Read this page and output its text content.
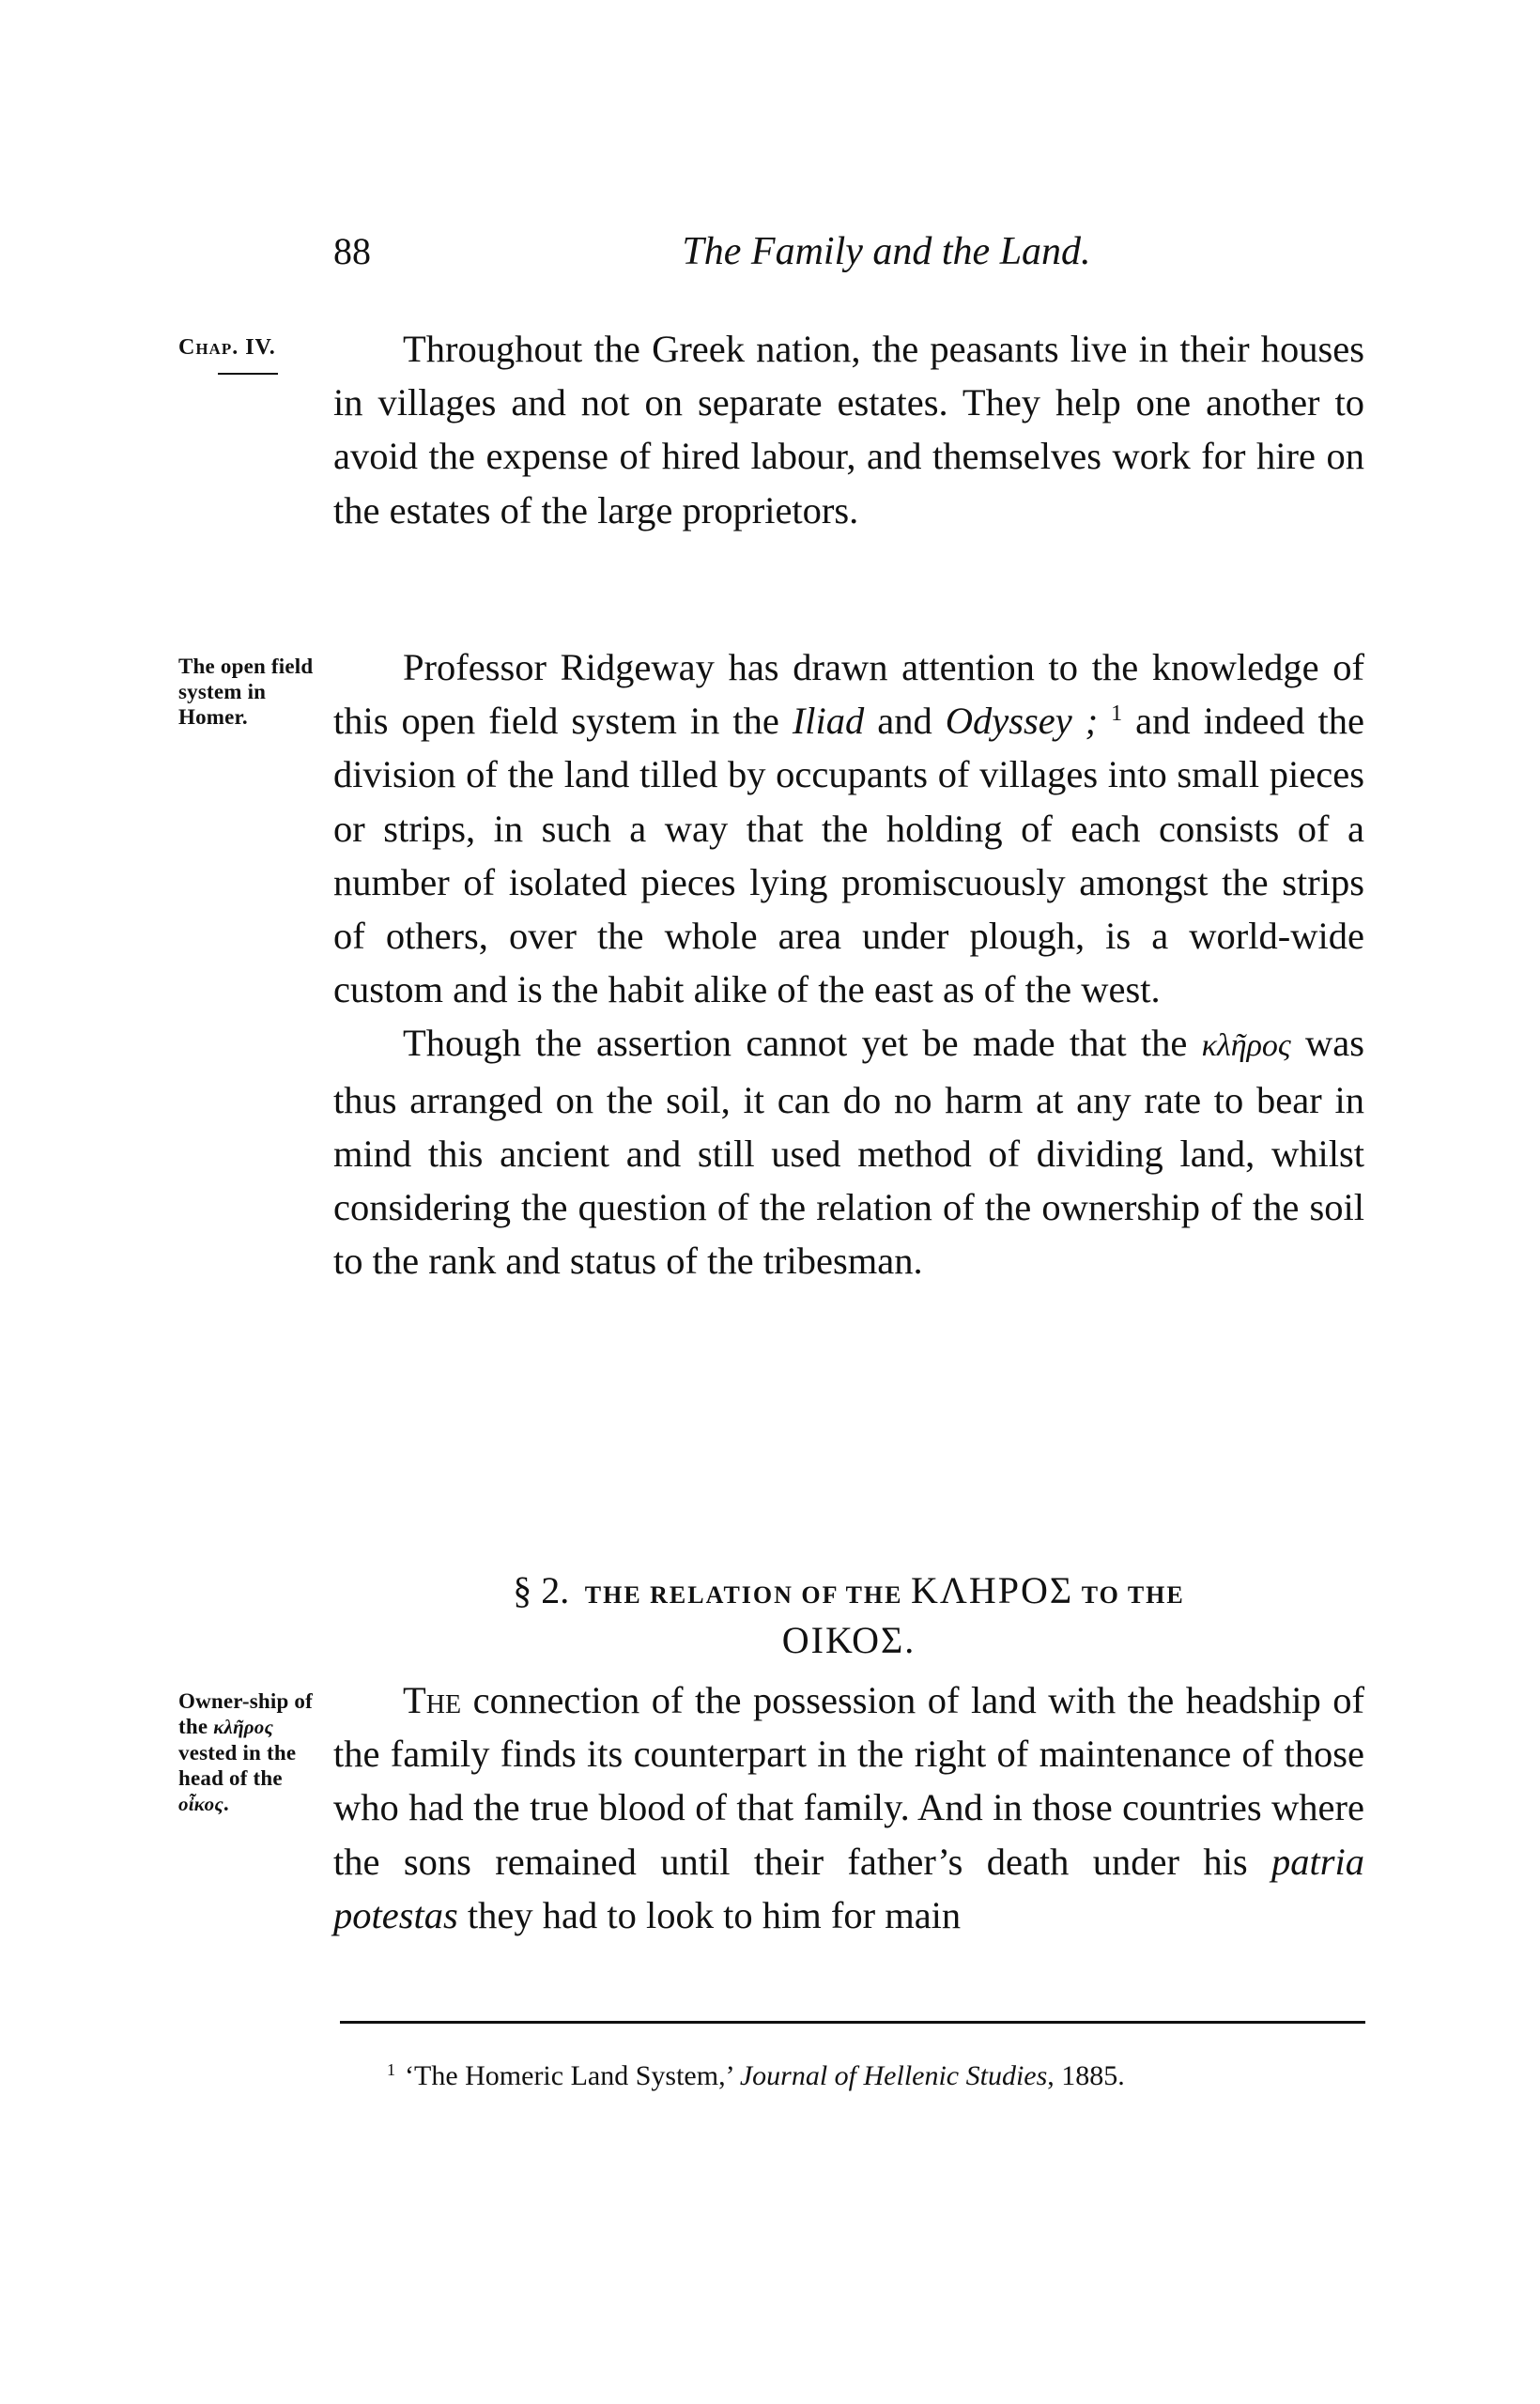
88	The Family and the Land.
Chap. IV.	Throughout the Greek nation, the peasants live in their houses in villages and not on separate estates. They help one another to avoid the expense of hired labour, and themselves work for hire on the estates of the large proprietors.

The open field system in Homer.

Professor Ridgeway has drawn attention to the knowledge of this open field system in the Iliad and Odyssey ; $^1$ and indeed the division of the land tilled by occupants of villages into small pieces or strips, in such a way that the holding of each consists of a number of isolated pieces lying promiscuously amongst the strips of others, over the whole area under plough, is a world-wide custom and is the habit alike of the east as of the west.

Though the assertion cannot yet be made that the κλῆρος was thus arranged on the soil, it can do no harm at any rate to bear in mind this ancient and still used method of dividing land, whilst considering the question of the relation of the ownership of the soil to the rank and status of the tribesman.

§ 2. THE RELATION OF THE ΚΛΗΡΟΣ TO THE
ΟΙΚΟΣ.
Owner-ship of the κλῆρος vested in the head of the οἶκος.

The connection of the possession of land with the headship of the family finds its counterpart in the right of maintenance of those who had the true blood of that family. And in those countries where the sons remained until their father’s death under his patria potestas they had to look to him for main

$^1$ ‘The Homeric Land System,’ Journal of Hellenic Studies, 1885.
